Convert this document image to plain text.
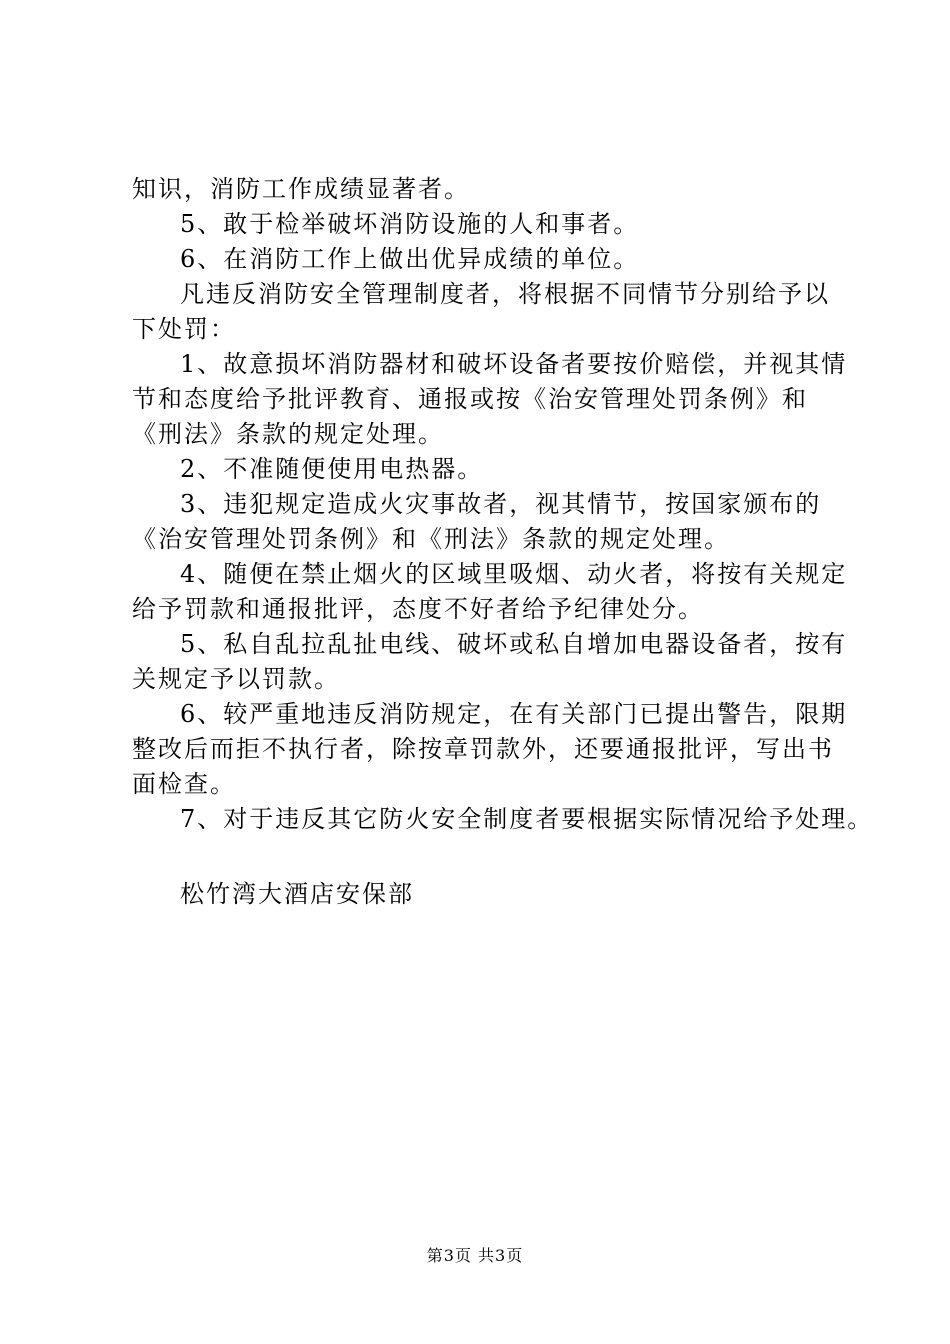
知识，消防工作成绩显著者。
5、敢于检举破坏消防设施的人和事者。
6、在消防工作上做出优异成绩的单位。
凡违反消防安全管理制度者，将根据不同情节分别给予以
下处罚：
1、故意损坏消防器材和破坏设备者要按价赔偿，并视其情
节和态度给予批评教育、通报或按《治安管理处罚条例》和
《刑法》条款的规定处理。
2、不准随便使用电热器。
3、违犯规定造成火灾事故者，视其情节，按国家颁布的
《治安管理处罚条例》和《刑法》条款的规定处理。
4、随便在禁止烟火的区域里吸烟、动火者，将按有关规定
给予罚款和通报批评，态度不好者给予纪律处分。
5、私自乱拉乱扯电线、破坏或私自增加电器设备者，按有
关规定予以罚款。
6、较严重地违反消防规定，在有关部门已提出警告，限期
整改后而拒不执行者，除按章罚款外，还要通报批评，写出书
面检查。
7、对于违反其它防火安全制度者要根据实际情况给予处理。
松竹湾大酒店安保部
第3页 共3页
